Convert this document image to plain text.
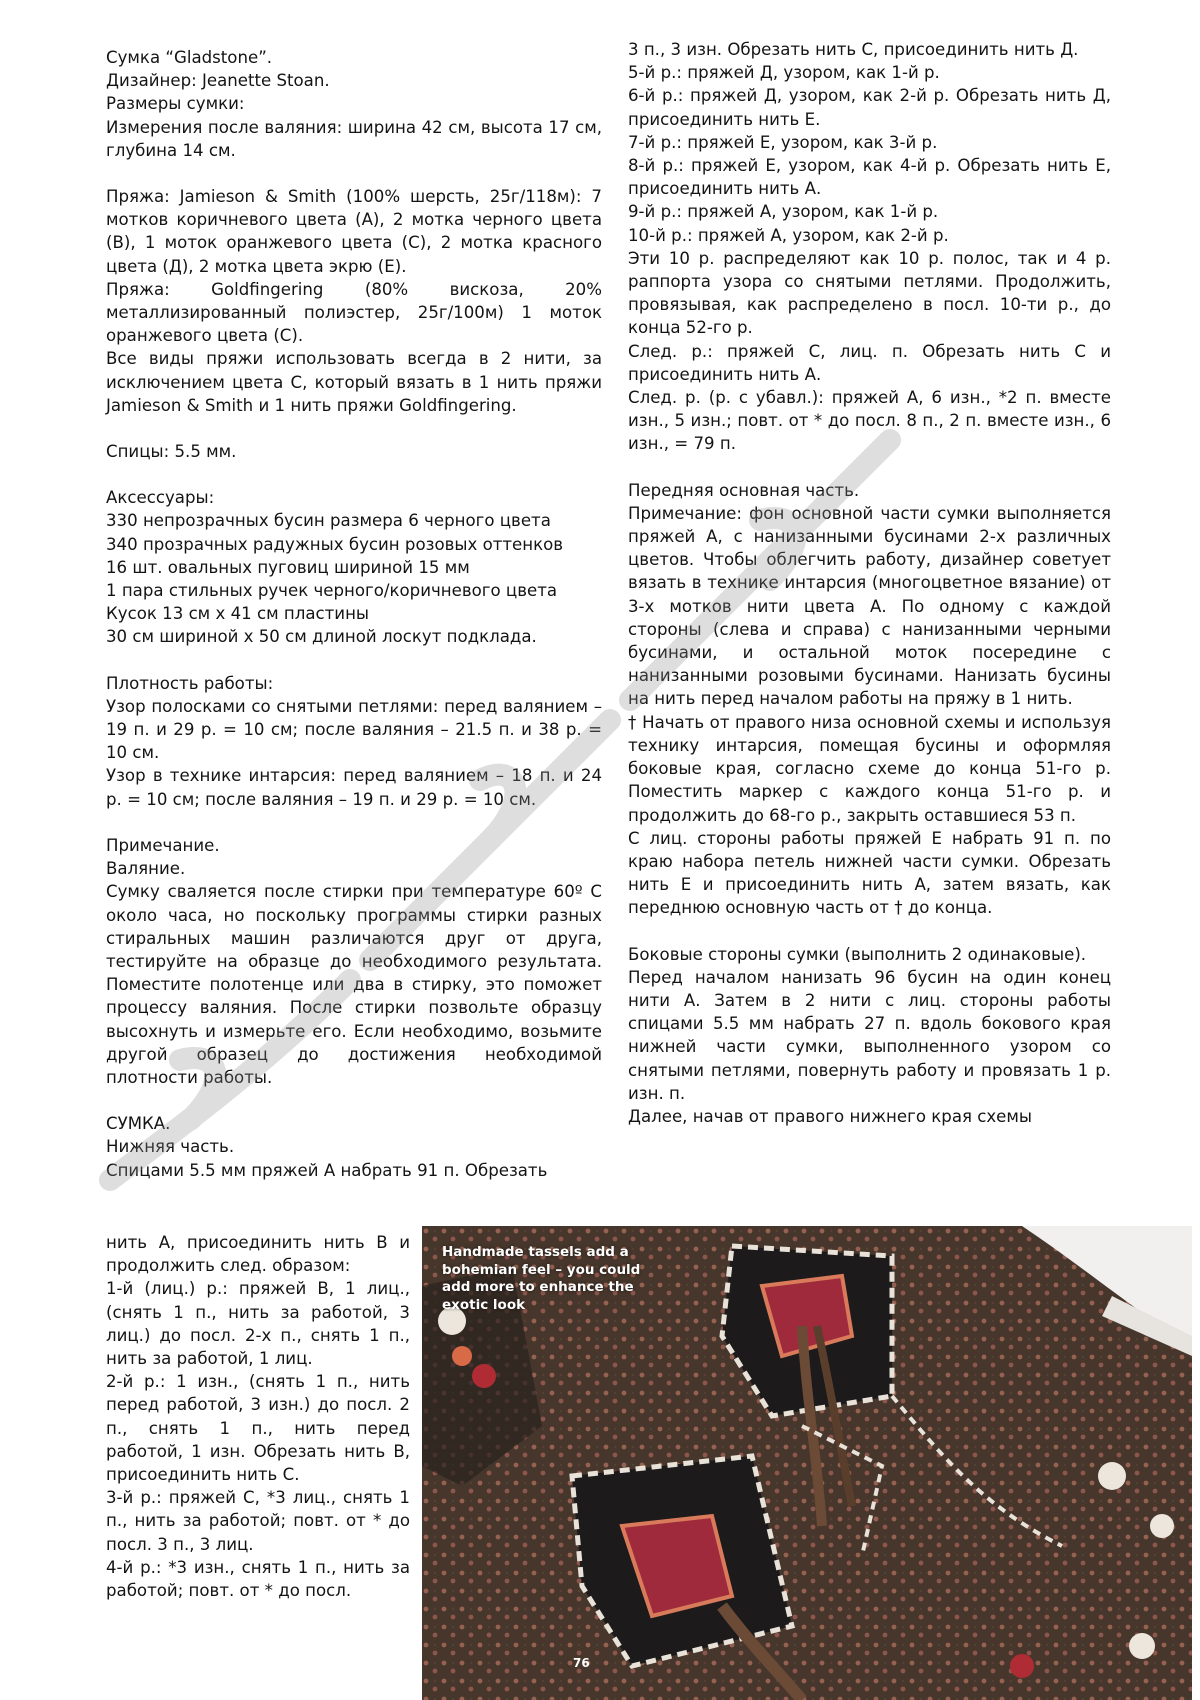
Сумка “Gladstone”.

Дизайнер: Jeanette Stoan.

Размеры сумки:

Измерения после валяния: ширина 42 см, высота 17 см, глубина 14 см.

Пряжа: Jamieson & Smith (100% шерсть, 25г/118м): 7 мотков коричневого цвета (А), 2 мотка черного цвета (В), 1 моток оранжевого цвета (С), 2 мотка красного цвета (Д), 2 мотка цвета экрю (Е).

Пряжа: Goldfingering (80% вискоза, 20% металлизированный полиэстер, 25г/100м) 1 моток оранжевого цвета (С).

Все виды пряжи использовать всегда в 2 нити, за исключением цвета С, который вязать в 1 нить пряжи Jamieson & Smith и 1 нить пряжи Goldfingering.

Спицы: 5.5 мм.

Аксессуары:

330 непрозрачных бусин размера 6 черного цвета

340 прозрачных радужных бусин розовых оттенков

16 шт. овальных пуговиц шириной 15 мм

1 пара стильных ручек черного/коричневого цвета

Кусок 13 см х 41 см пластины

30 см шириной х 50 см длиной лоскут подклада.

Плотность работы:

Узор полосками со снятыми петлями: перед валянием – 19 п. и 29 р. = 10 см; после валяния – 21.5 п. и 38 р. = 10 см.

Узор в технике интарсия: перед валянием – 18 п. и 24 р. = 10 см; после валяния – 19 п. и 29 р. = 10 см.

Примечание.

Валяние.

Сумку сваляется после стирки при температуре 60º С около часа, но поскольку программы стирки разных стиральных машин различаются друг от друга, тестируйте на образце до необходимого результата. Поместите полотенце или два в стирку, это поможет процессу валяния. После стирки позвольте образцу высохнуть и измерьте его. Если необходимо, возьмите другой образец до достижения необходимой плотности работы.

СУМКА.

Нижняя часть.

Спицами 5.5 мм пряжей А набрать 91 п. Обрезать

3 п., 3 изн. Обрезать нить С, присоединить нить Д.

5-й р.: пряжей Д, узором, как 1-й р.

6-й р.: пряжей Д, узором, как 2-й р. Обрезать нить Д, присоединить нить Е.

7-й р.: пряжей Е, узором, как 3-й р.

8-й р.: пряжей Е, узором, как 4-й р. Обрезать нить Е, присоединить нить А.

9-й р.: пряжей А, узором, как 1-й р.

10-й р.: пряжей А, узором, как 2-й р.

Эти 10 р. распределяют как 10 р. полос, так и 4 р. раппорта узора со снятыми петлями. Продолжить, провязывая, как распределено в посл. 10-ти р., до конца 52-го р.

След. р.: пряжей С, лиц. п. Обрезать нить С и присоединить нить А.

След. р. (р. с убавл.): пряжей А, 6 изн., *2 п. вместе изн., 5 изн.; повт. от * до посл. 8 п., 2 п. вместе изн., 6 изн., = 79 п.

Передняя основная часть.

Примечание: фон основной части сумки выполняется пряжей А, с нанизанными бусинами 2-х различных цветов. Чтобы облегчить работу, дизайнер советует вязать в технике интарсия (многоцветное вязание) от 3-х мотков нити цвета А. По одному с каждой стороны (слева и справа) с нанизанными черными бусинами, и остальной моток посередине с нанизанными розовыми бусинами. Нанизать бусины на нить перед началом работы на пряжу в 1 нить.

† Начать от правого низа основной схемы и используя технику интарсия, помещая бусины и оформляя боковые края, согласно схеме до конца 51-го р. Поместить маркер с каждого конца 51-го р. и продолжить до 68-го р., закрыть оставшиеся 53 п.

С лиц. стороны работы пряжей Е набрать 91 п. по краю набора петель нижней части сумки. Обрезать нить Е и присоединить нить А, затем вязать, как переднюю основную часть от † до конца.

Боковые стороны сумки (выполнить 2 одинаковые).

Перед началом нанизать 96 бусин на один конец нити А. Затем в 2 нити с лиц. стороны работы спицами 5.5 мм набрать 27 п. вдоль бокового края нижней части сумки, выполненного узором со снятыми петлями, повернуть работу и провязать 1 р. изн. п.

Далее, начав от правого нижнего края схемы

нить А, присоединить нить В и продолжить след. образом:

1-й (лиц.) р.: пряжей В, 1 лиц., (снять 1 п., нить за работой, 3 лиц.) до посл. 2-х п., снять 1 п., нить за работой, 1 лиц.

2-й р.: 1 изн., (снять 1 п., нить перед работой, 3 изн.) до посл. 2 п., снять 1 п., нить перед работой, 1 изн. Обрезать нить В, присоединить нить С.

3-й р.: пряжей С, *3 лиц., снять 1 п., нить за работой; повт. от * до посл. 3 п., 3 лиц.

4-й р.: *3 изн., снять 1 п., нить за работой; повт. от * до посл.

Handmade tassels add a bohemian feel – you could add more to enhance the exotic look
76
